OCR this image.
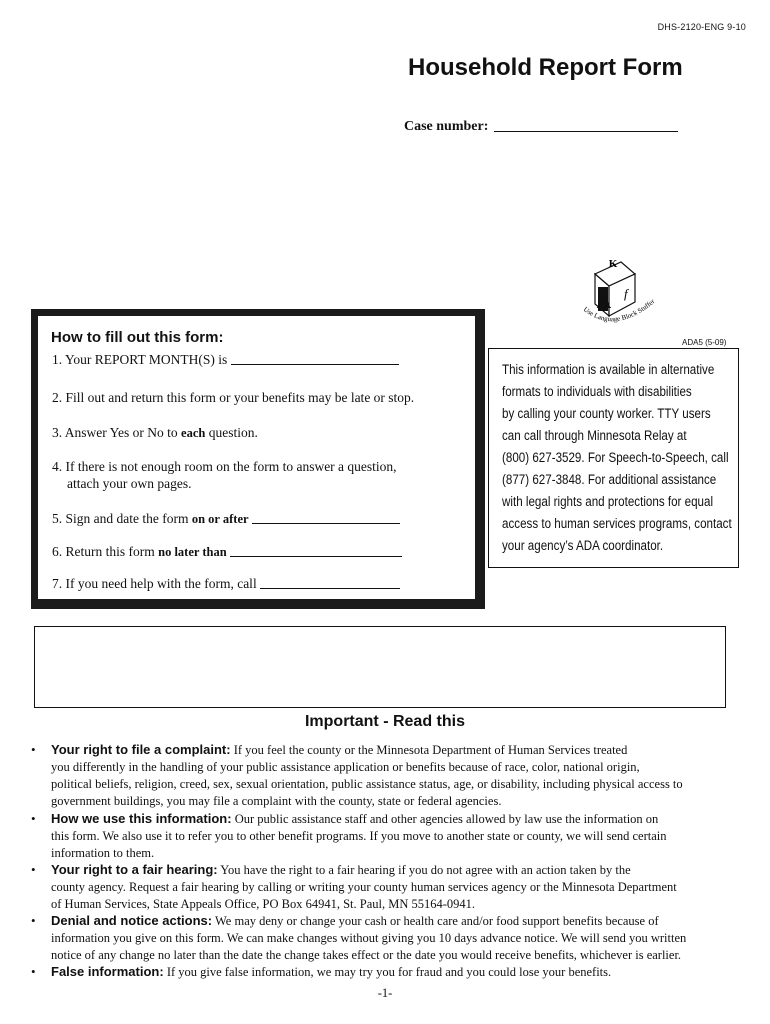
DHS-2120-ENG 9-10
Household Report Form
Case number:
K
A f
Use Language Block Stuffer
ADA5 (5-09)
How to fill out this form:
1. Your REPORT MONTH(S) is
2. Fill out and return this form or your benefits may be late or stop.
3. Answer Yes or No to each question.
4. If there is not enough room on the form to answer a question,
attach your own pages.
5. Sign and date the form on or after
6. Return this form no later than
7. If you need help with the form, call
This information is available in alternative
formats to individuals with disabilities
by calling your county worker. TTY users
can call through Minnesota Relay at
(800) 627-3529. For Speech-to-Speech, call
(877) 627-3848. For additional assistance
with legal rights and protections for equal
access to human services programs, contact
your agency’s ADA coordinator.
Important - Read this
• Your right to file a complaint: If you feel the county or the Minnesota Department of Human Services treated
you differently in the handling of your public assistance application or benefits because of race, color, national origin,
political beliefs, religion, creed, sex, sexual orientation, public assistance status, age, or disability, including physical access to
government buildings, you may file a complaint with the county, state or federal agencies.
• How we use this information: Our public assistance staff and other agencies allowed by law use the information on
this form. We also use it to refer you to other benefit programs. If you move to another state or county, we will send certain
information to them.
• Your right to a fair hearing: You have the right to a fair hearing if you do not agree with an action taken by the
county agency. Request a fair hearing by calling or writing your county human services agency or the Minnesota Department
of Human Services, State Appeals Office, PO Box 64941, St. Paul, MN 55164-0941.
• Denial and notice actions: We may deny or change your cash or health care and/or food support benefits because of
information you give on this form. We can make changes without giving you 10 days advance notice. We will send you written
notice of any change no later than the date the change takes effect or the date you would receive benefits, whichever is earlier.
• False information: If you give false information, we may try you for fraud and you could lose your benefits.
-1-
